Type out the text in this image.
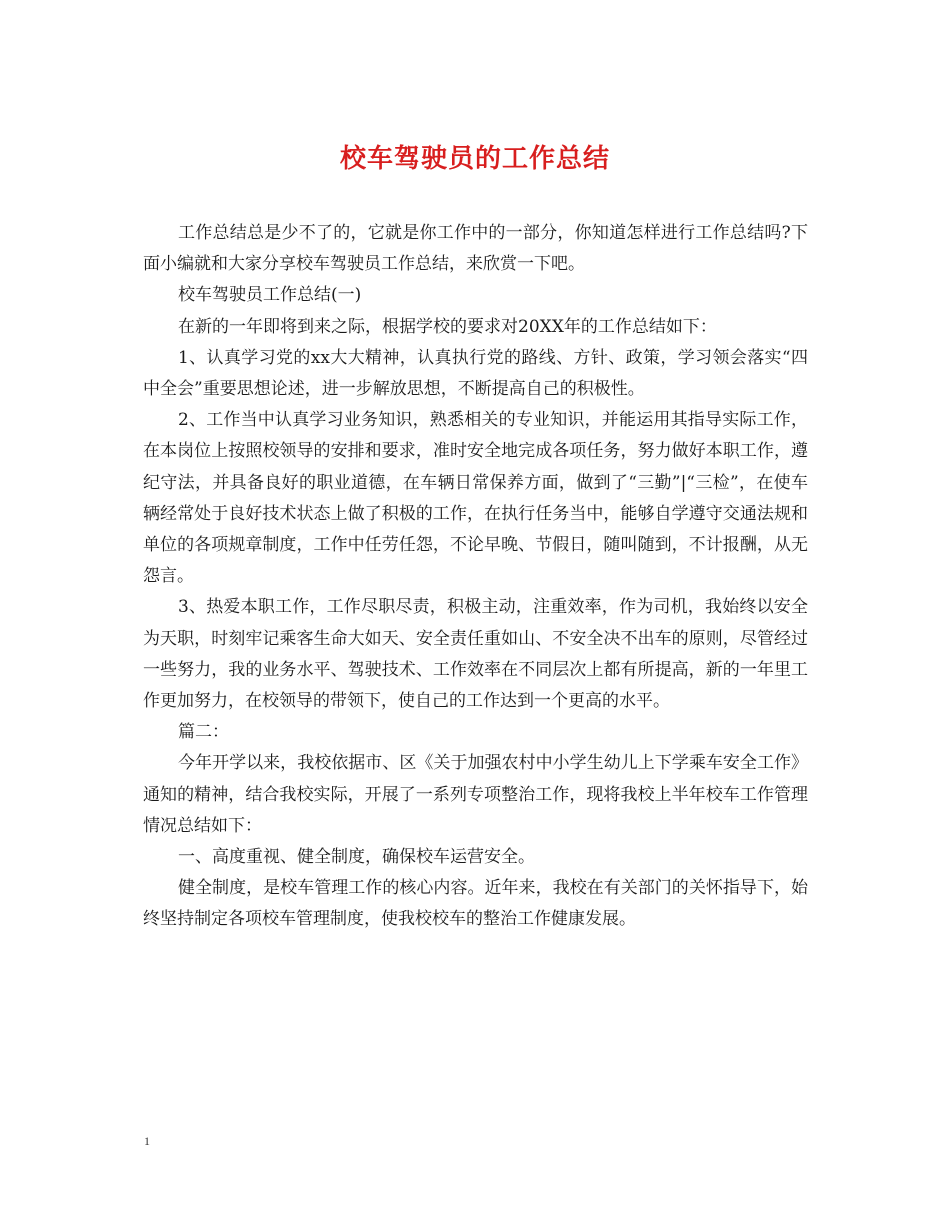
校车驾驶员的工作总结

工作总结总是少不了的，它就是你工作中的一部分，你知道怎样进行工作总结吗?下面小编就和大家分享校车驾驶员工作总结，来欣赏一下吧。

校车驾驶员工作总结(一)

在新的一年即将到来之际，根据学校的要求对20XX年的工作总结如下：

1、认真学习党的xx大大精神，认真执行党的路线、方针、政策，学习领会落实“四中全会”重要思想论述，进一步解放思想，不断提高自己的积极性。

2、工作当中认真学习业务知识，熟悉相关的专业知识，并能运用其指导实际工作，在本岗位上按照校领导的安排和要求，准时安全地完成各项任务，努力做好本职工作，遵纪守法，并具备良好的职业道德，在车辆日常保养方面，做到了“三勤”|“三检”，在使车辆经常处于良好技术状态上做了积极的工作，在执行任务当中，能够自学遵守交通法规和单位的各项规章制度，工作中任劳任怨，不论早晚、节假日，随叫随到，不计报酬，从无怨言。

3、热爱本职工作，工作尽职尽责，积极主动，注重效率，作为司机，我始终以安全为天职，时刻牢记乘客生命大如天、安全责任重如山、不安全决不出车的原则，尽管经过一些努力，我的业务水平、驾驶技术、工作效率在不同层次上都有所提高，新的一年里工作更加努力，在校领导的带领下，使自己的工作达到一个更高的水平。

篇二：

今年开学以来，我校依据市、区《关于加强农村中小学生幼儿上下学乘车安全工作》通知的精神，结合我校实际，开展了一系列专项整治工作，现将我校上半年校车工作管理情况总结如下：

一、高度重视、健全制度，确保校车运营安全。

健全制度，是校车管理工作的核心内容。近年来，我校在有关部门的关怀指导下，始终坚持制定各项校车管理制度，使我校校车的整治工作健康发展。

1
